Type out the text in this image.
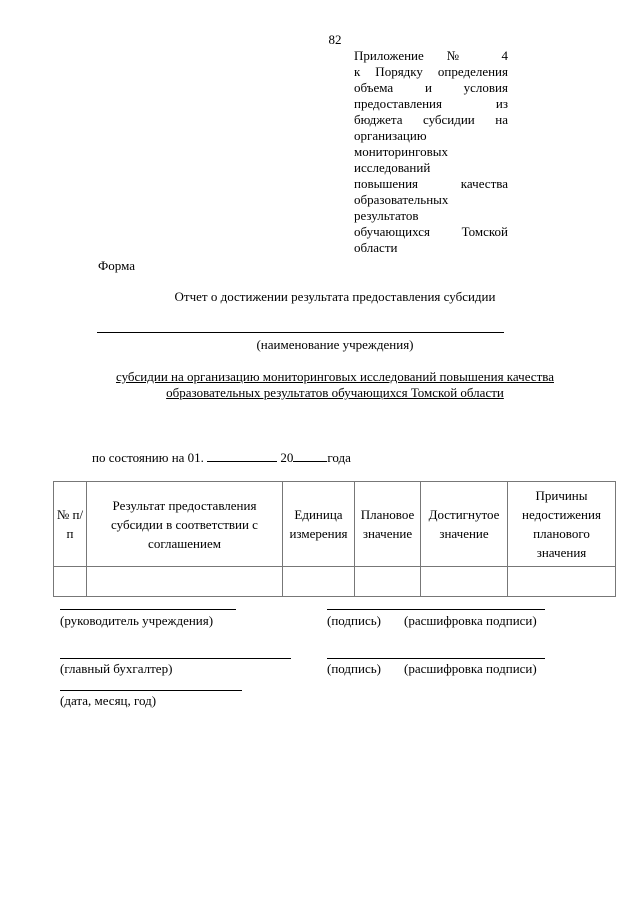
82
Приложение № 4
к Порядку определения
объема и условия
предоставления из
бюджета субсидии на
организацию
мониторинговых
исследований
повышения качества
образовательных
результатов
обучающихся Томской
области
Форма
Отчет о достижении результата предоставления субсидии
(наименование учреждения)
субсидии на организацию мониторинговых исследований повышения качества
образовательных результатов обучающихся Томской области
по состоянию на 01.	20	года
№ п/п	Результат предоставления субсидии в соответствии с соглашением	Единица измерения	Плановое значение	Достигнутое значение	Причины недостижения планового значения

(руководитель учреждения)	(подпись) (расшифровка подписи)
(главный бухгалтер)	(подпись) (расшифровка подписи)
(дата, месяц, год)
